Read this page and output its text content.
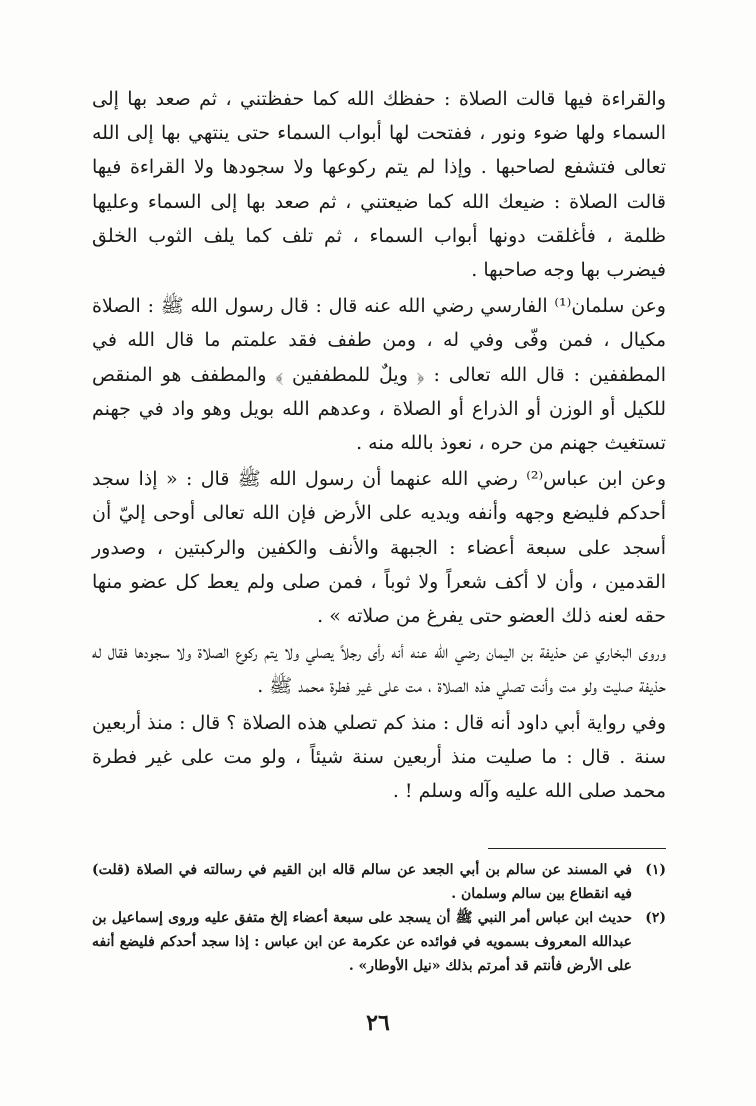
والقراءة فيها قالت الصلاة : حفظك الله كما حفظتني ، ثم صعد بها إلى السماء ولها ضوء ونور ، ففتحت لها أبواب السماء حتى ينتهي بها إلى الله تعالى فتشفع لصاحبها . وإذا لم يتم ركوعها ولا سجودها ولا القراءة فيها قالت الصلاة : ضيعك الله كما ضيعتني ، ثم صعد بها إلى السماء وعليها ظلمة ، فأغلقت دونها أبواب السماء ، ثم تلف كما يلف الثوب الخلق فيضرب بها وجه صاحبها .

وعن سلمان⁽¹⁾ الفارسي رضي الله عنه قال : قال رسول الله ﷺ : الصلاة مكيال ، فمن وفّى وفي له ، ومن طفف فقد علمتم ما قال الله في المطففين : قال الله تعالى : ﴿ ويلٌ للمطففين ﴾ والمطفف هو المنقص للكيل أو الوزن أو الذراع أو الصلاة ، وعدهم الله بويل وهو واد في جهنم تستغيث جهنم من حره ، نعوذ بالله منه .

وعن ابن عباس⁽²⁾ رضي الله عنهما أن رسول الله ﷺ قال : « إذا سجد أحدكم فليضع وجهه وأنفه ويديه على الأرض فإن الله تعالى أوحى إليّ أن أسجد على سبعة أعضاء : الجبهة والأنف والكفين والركبتين ، وصدور القدمين ، وأن لا أكف شعراً ولا ثوباً ، فمن صلى ولم يعط كل عضو منها حقه لعنه ذلك العضو حتى يفرغ من صلاته » .

وروى البخاري عن حذيفة بن اليمان رضي الله عنه أنه رأى رجلاً يصلي ولا يتم ركوع الصلاة ولا سجودها فقال له حذيفة صليت ولو مت وأنت تصلي هذه الصلاة ، مت على غير فطرة محمد ﷺ .

وفي رواية أبي داود أنه قال : منذ كم تصلي هذه الصلاة ؟ قال : منذ أربعين سنة . قال : ما صليت منذ أربعين سنة شيئاً ، ولو مت على غير فطرة محمد صلى الله عليه وآله وسلم ! .

(١)
في المسند عن سالم بن أبي الجعد عن سالم قاله ابن القيم في رسالته في الصلاة (قلت) فيه انقطاع بين سالم وسلمان .
(٢)
حديث ابن عباس أمر النبي ﷺ أن يسجد على سبعة أعضاء إلخ متفق عليه وروى إسماعيل بن عبدالله المعروف بسمويه في فوائده عن عكرمة عن ابن عباس : إذا سجد أحدكم فليضع أنفه على الأرض فأنتم قد أمرتم بذلك «نيل الأوطار» .
٢٦
